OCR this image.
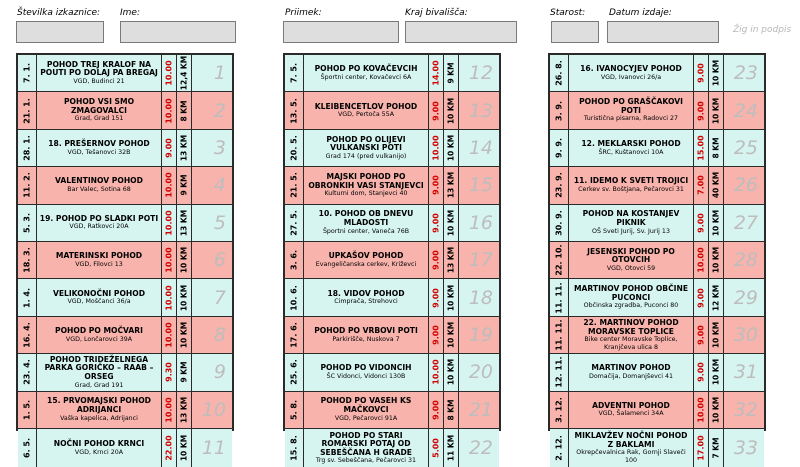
Številka izkaznice: Ime:	Priimek:	Kraj bivališča:	Starost:	Datum izdaje:
Žig in podpis
7. 1.	POHOD TREJ KRALOF NA POUTI PO DOLAJ PA BREGAJ
VGD, Budinci 21	10.00 12,4 KM 1
21. 1.	POHOD VSI SMO ZMAGOVALCI
Grad, Grad 151	10.00 8 KM 2
28. 1. 18. PREŠERNOV POHOD
VGD, Tešanovci 32B	9.00 13 KM 3
11. 2.	VALENTINOV POHOD
Bar Valec, Sotina 68	10.00 9 KM 4
5. 3. 19. POHOD PO SLADKI POTI
VGD, Ratkovci 20A	10.00 13 KM 5
18. 3.	MATERINSKI POHOD
VGD, Filovci 13	10.00 10 KM 6
1. 4.	VELIKONOČNI POHOD
VGD, Moščanci 36/a	10.00 10 KM 7
16. 4.	POHOD PO MOČVARI
VGD, Lončarovci 39A	10.00 10 KM 8
23. 4.
POHOD TRIDEŽELNEGA PARKA GORIČKO – RAAB – ORSEG
Grad, Grad 191
9.30 9 KM 9
1. 5.	15. PRVOMAJSKI POHOD ADRIJANCI
Vaška kapelica, Adrijanci	10.00 13 KM 10
6. 5.	NOČNI POHOD KRNCI
VGD, Krnci 20A	22.00 10 KM 11
7. 5. POHOD PO KOVAČEVCIH
Športni center, Kovačevci 6A	14.00 9 KM 12
13. 5. KLEIBENCETLOV POHOD
VGD, Pertoča 55A	9.00 10 KM 13
20. 5.	POHOD PO OLIJEVI VULKANSKI POTI
Grad 174 (pred vulkanijo)	10.00 10 KM 14
21. 5.	MAJSKI POHOD PO OBRONKIH VASI STANJEVCI
Kulturni dom, Stanjevci 40	9.00 13 KM 15
27. 5.	10. POHOD OB DNEVU MLADOSTI
Športni center, Vaneča 76B	9.00 10 KM 16
3. 6.	UPKAŠOV POHOD
Evangeličanska cerkev, Križevci 9.00 13 KM 17
10. 6.	18. VIDOV POHOD
Cimprača, Strehovci	9.00 10 KM 18
17. 6. POHOD PO VRBOVI POTI
Parkirišče, Nuskova 7	9.00 10 KM 19
25. 6.	POHOD PO VIDONCIH
ŠC Vidonci, Vidonci 130B	10.00 10 KM 20
5. 8.	POHOD PO VASEH KS MAČKOVCI
VGD, Pečarovci 91A	9.00 8 KM 21
15. 8.
POHOD PO STARI ROMARSKI POTAJ OD SEBEŠČANA H GRADE
Trg sv. Sebeščana, Pečarovci 31
5.00 11 KM 22
26. 8. 16. IVANOCYJEV POHOD
VGD, Ivanovci 26/a	9.00 10 KM 23
3. 9.	POHOD PO GRAŠČAKOVI POTI
Turistična pisarna, Radovci 27 9.00 10 KM 24
9. 9. 12. MEKLARSKI POHOD
ŠRC, Kuštanovci 10A	15.00 8 KM 25
23. 9. 11. IDEMO K SVETI TROJICI
Cerkev sv. Boštjana, Pečarovci 31 7.00 40 KM 26
30. 9.	POHOD NA KOSTANJEV PIKNIK
OŠ Sveti Jurij, Sv. Jurij 13	9.00 10 KM 27
22. 10.	JESENSKI POHOD PO OTOVCIH
VGD, Otovci 59	10.00 10 KM 28
11. 11.	MARTINOV POHOD OBČINE PUCONCI
Občinska zgradba, Puconci 80 9.00 12 KM 29
11. 11.	22. MARTINOV POHOD MORAVSKE TOPLICE
Bike center Moravske Toplice, Kranjčeva ulica 8
9.00 10 KM 30
12. 11.	MARTINOV POHOD
Domačija, Domanjševci 41	9.00 10 KM 31
3. 12.	ADVENTNI POHOD
VGD, Šalamenci 34A	10.00 10 KM 32
2. 12.	MIKLAVŽEV NOČNI POHOD Z BAKLAMI
Okrepčevalnica Rak, Gornji Slaveči 100	17.00 7 KM 33
